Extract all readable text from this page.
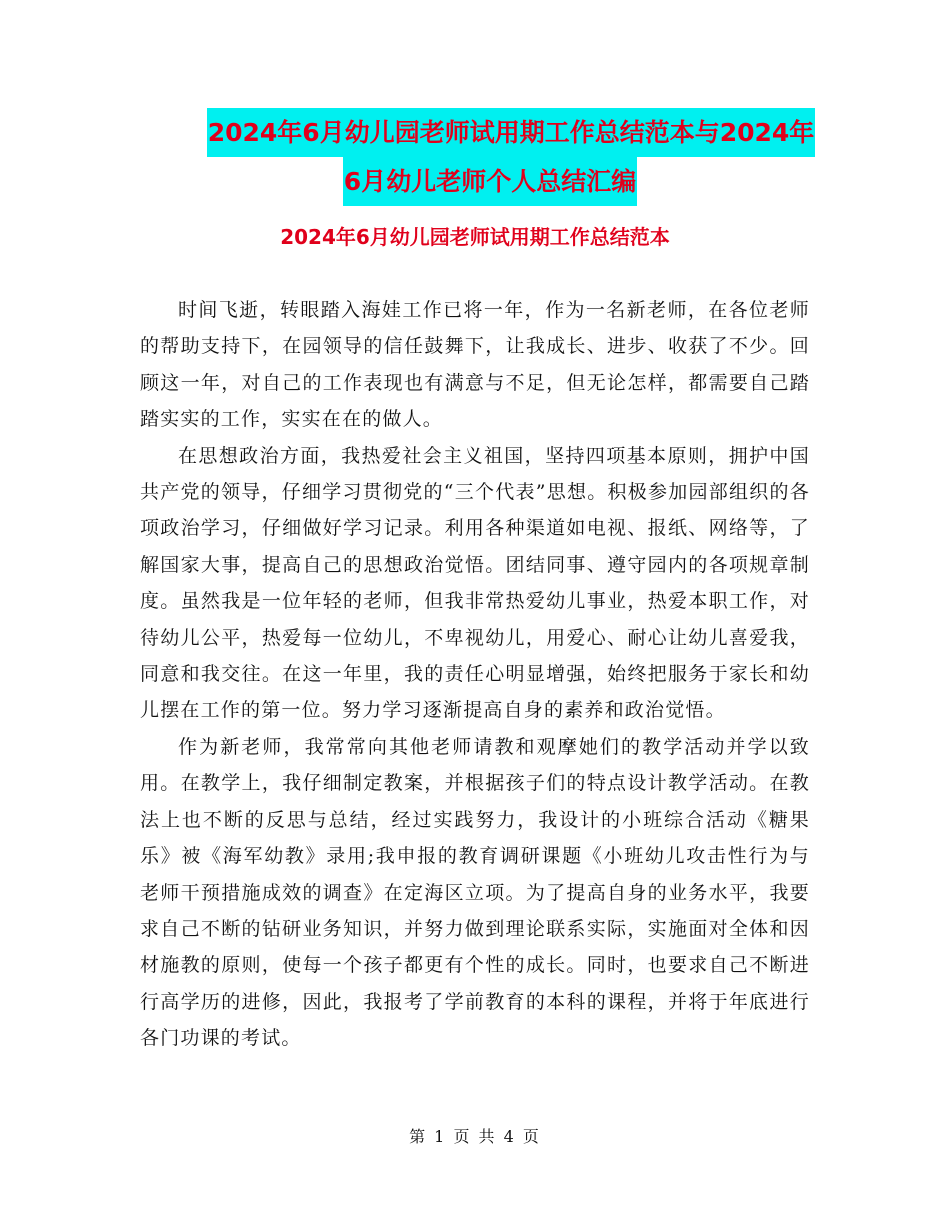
2024年6月幼儿园老师试用期工作总结范本与2024年
6月幼儿老师个人总结汇编
2024年6月幼儿园老师试用期工作总结范本

时间飞逝，转眼踏入海娃工作已将一年，作为一名新老师，在各位老师的帮助支持下，在园领导的信任鼓舞下，让我成长、进步、收获了不少。回顾这一年，对自己的工作表现也有满意与不足，但无论怎样，都需要自己踏踏实实的工作，实实在在的做人。

在思想政治方面，我热爱社会主义祖国，坚持四项基本原则，拥护中国共产党的领导，仔细学习贯彻党的“三个代表”思想。积极参加园部组织的各项政治学习，仔细做好学习记录。利用各种渠道如电视、报纸、网络等，了解国家大事，提高自己的思想政治觉悟。团结同事、遵守园内的各项规章制度。虽然我是一位年轻的老师，但我非常热爱幼儿事业，热爱本职工作，对待幼儿公平，热爱每一位幼儿，不卑视幼儿，用爱心、耐心让幼儿喜爱我，同意和我交往。在这一年里，我的责任心明显增强，始终把服务于家长和幼儿摆在工作的第一位。努力学习逐渐提高自身的素养和政治觉悟。

作为新老师，我常常向其他老师请教和观摩她们的教学活动并学以致用。在教学上，我仔细制定教案，并根据孩子们的特点设计教学活动。在教法上也不断的反思与总结，经过实践努力，我设计的小班综合活动《糖果乐》被《海军幼教》录用;我申报的教育调研课题《小班幼儿攻击性行为与老师干预措施成效的调查》在定海区立项。为了提高自身的业务水平，我要求自己不断的钻研业务知识，并努力做到理论联系实际，实施面对全体和因材施教的原则，使每一个孩子都更有个性的成长。同时，也要求自己不断进行高学历的进修，因此，我报考了学前教育的本科的课程，并将于年底进行各门功课的考试。

第 1 页 共 4 页
